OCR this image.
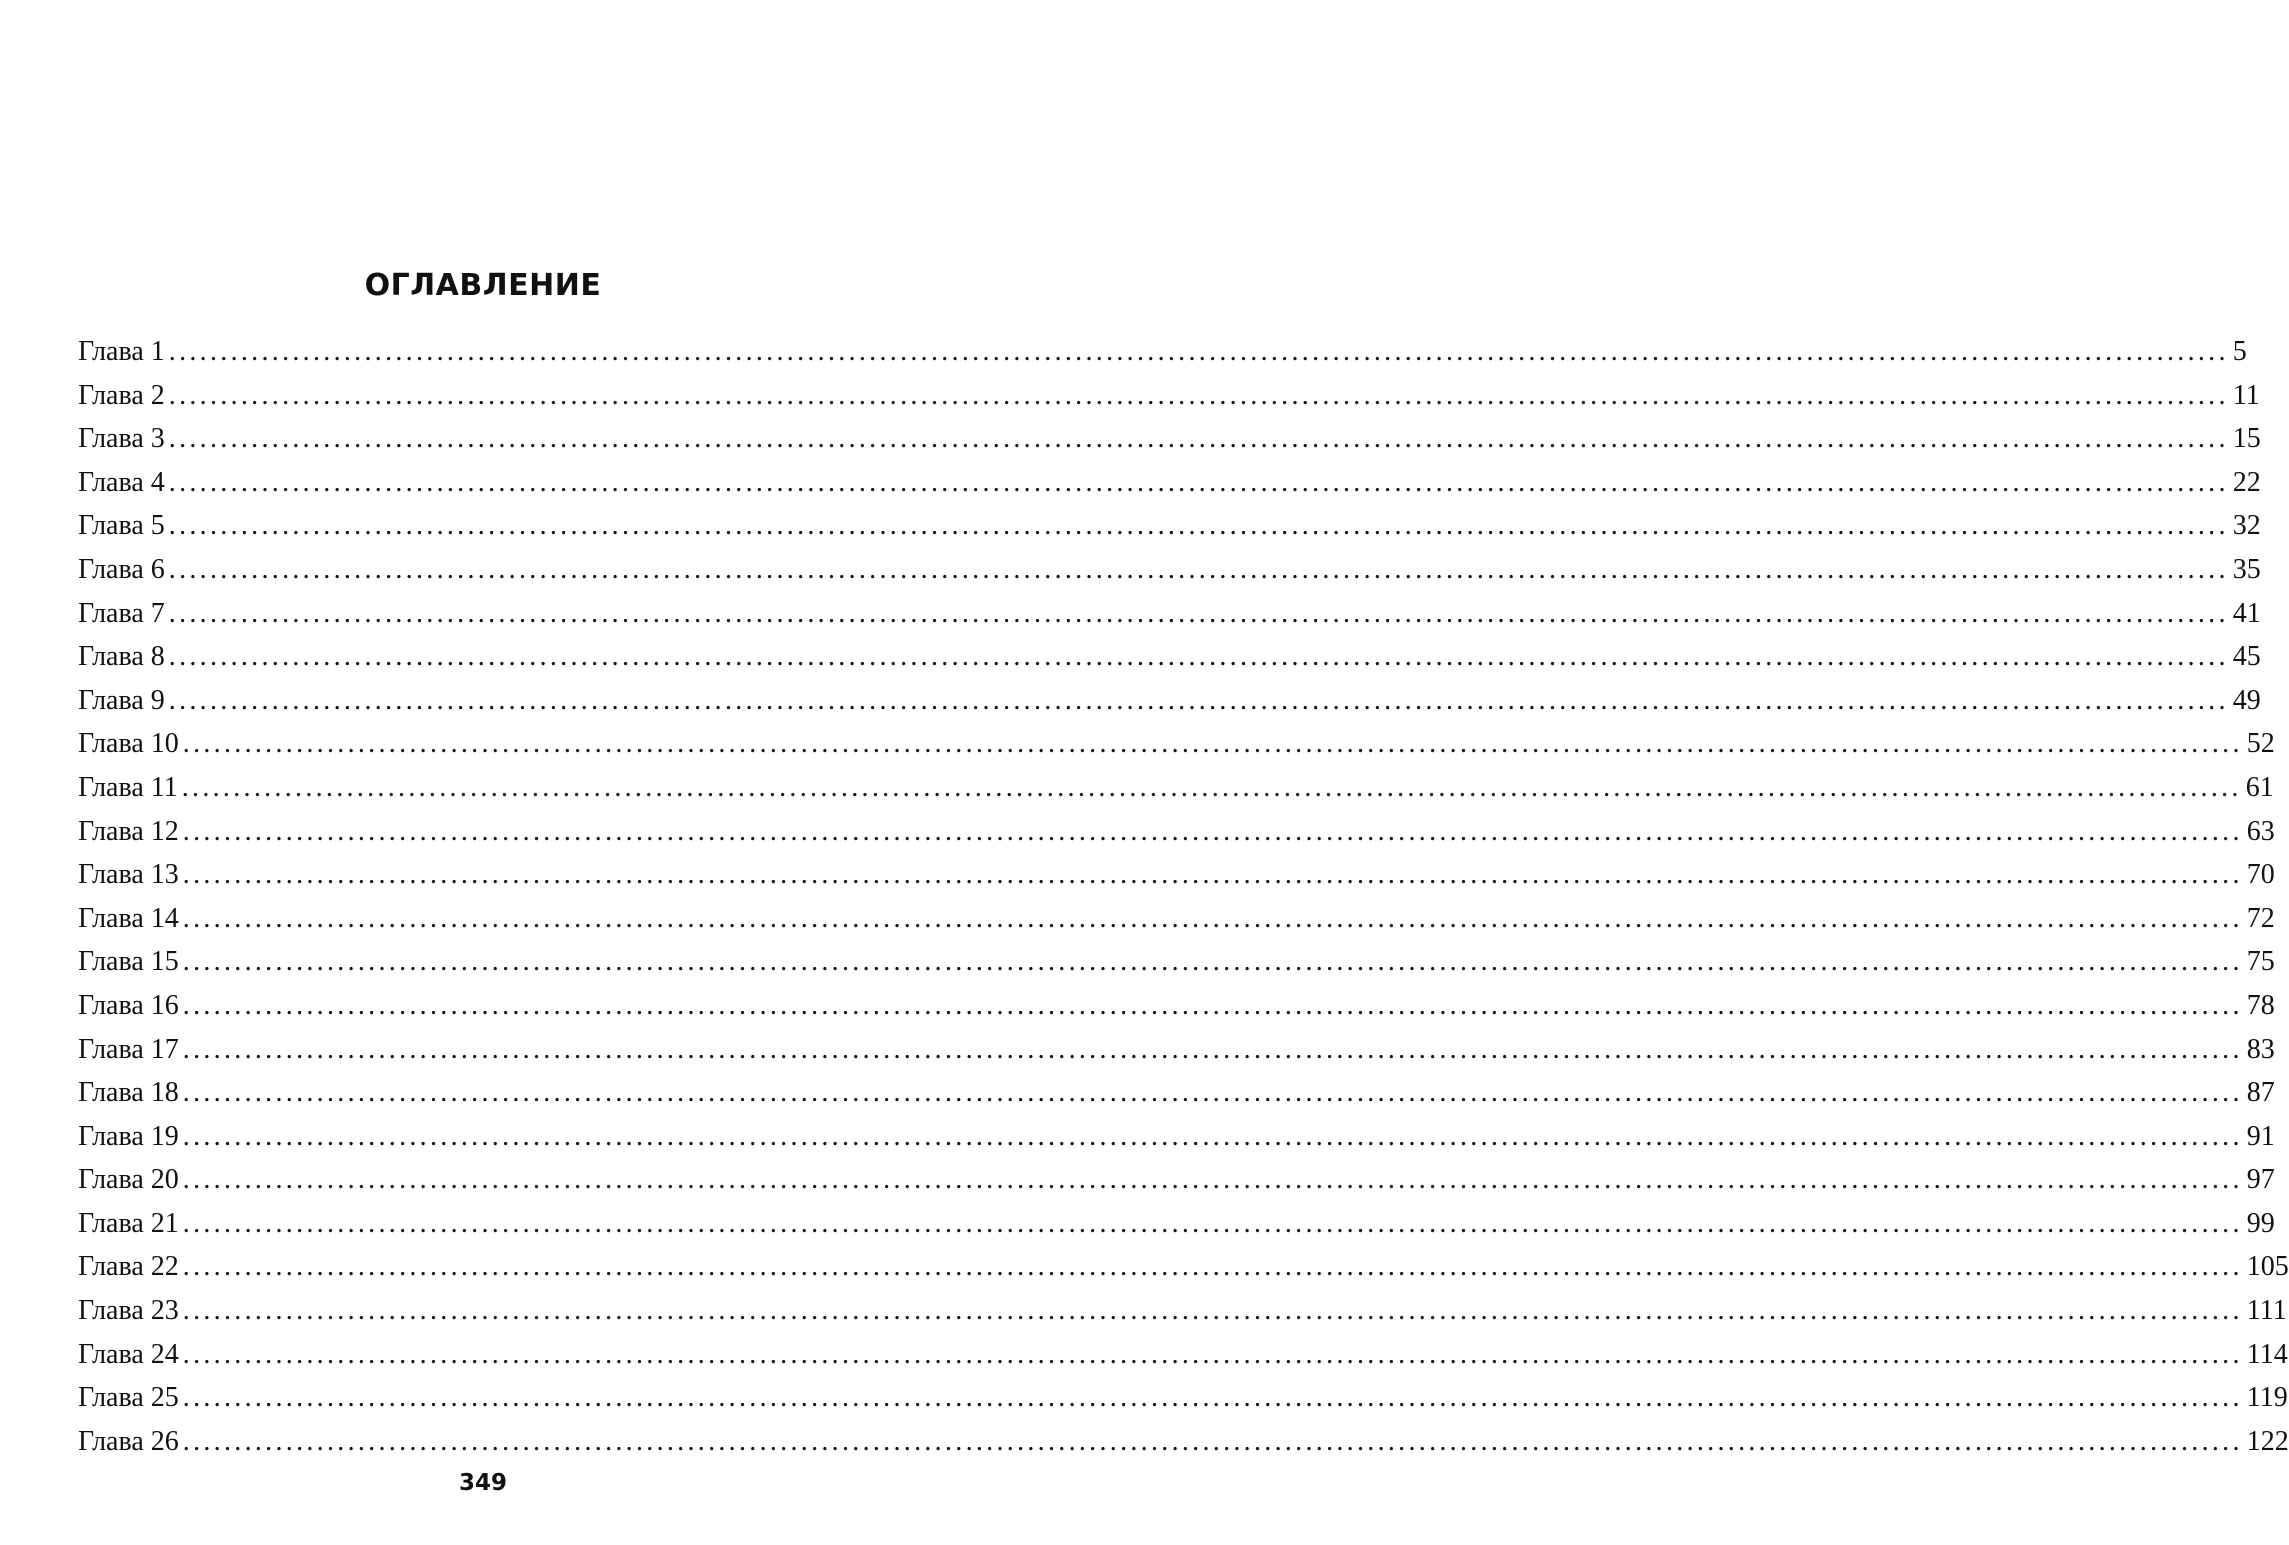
ОГЛАВЛЕНИЕ
Глава 1 ........................................................................................................................................................................................................ 5
Глава 2 ........................................................................................................................................................................................................ 11
Глава 3 ........................................................................................................................................................................................................ 15
Глава 4 ........................................................................................................................................................................................................ 22
Глава 5 ........................................................................................................................................................................................................ 32
Глава 6 ........................................................................................................................................................................................................ 35
Глава 7 ........................................................................................................................................................................................................ 41
Глава 8 ........................................................................................................................................................................................................ 45
Глава 9 ........................................................................................................................................................................................................ 49
Глава 10 ........................................................................................................................................................................................................ 52
Глава 11 ........................................................................................................................................................................................................ 61
Глава 12 ........................................................................................................................................................................................................ 63
Глава 13 ........................................................................................................................................................................................................ 70
Глава 14 ........................................................................................................................................................................................................ 72
Глава 15 ........................................................................................................................................................................................................ 75
Глава 16 ........................................................................................................................................................................................................ 78
Глава 17 ........................................................................................................................................................................................................ 83
Глава 18 ........................................................................................................................................................................................................ 87
Глава 19 ........................................................................................................................................................................................................ 91
Глава 20 ........................................................................................................................................................................................................ 97
Глава 21 ........................................................................................................................................................................................................ 99
Глава 22 ........................................................................................................................................................................................................ 105
Глава 23 ........................................................................................................................................................................................................ 111
Глава 24 ........................................................................................................................................................................................................ 114
Глава 25 ........................................................................................................................................................................................................ 119
Глава 26 ........................................................................................................................................................................................................ 122
349
